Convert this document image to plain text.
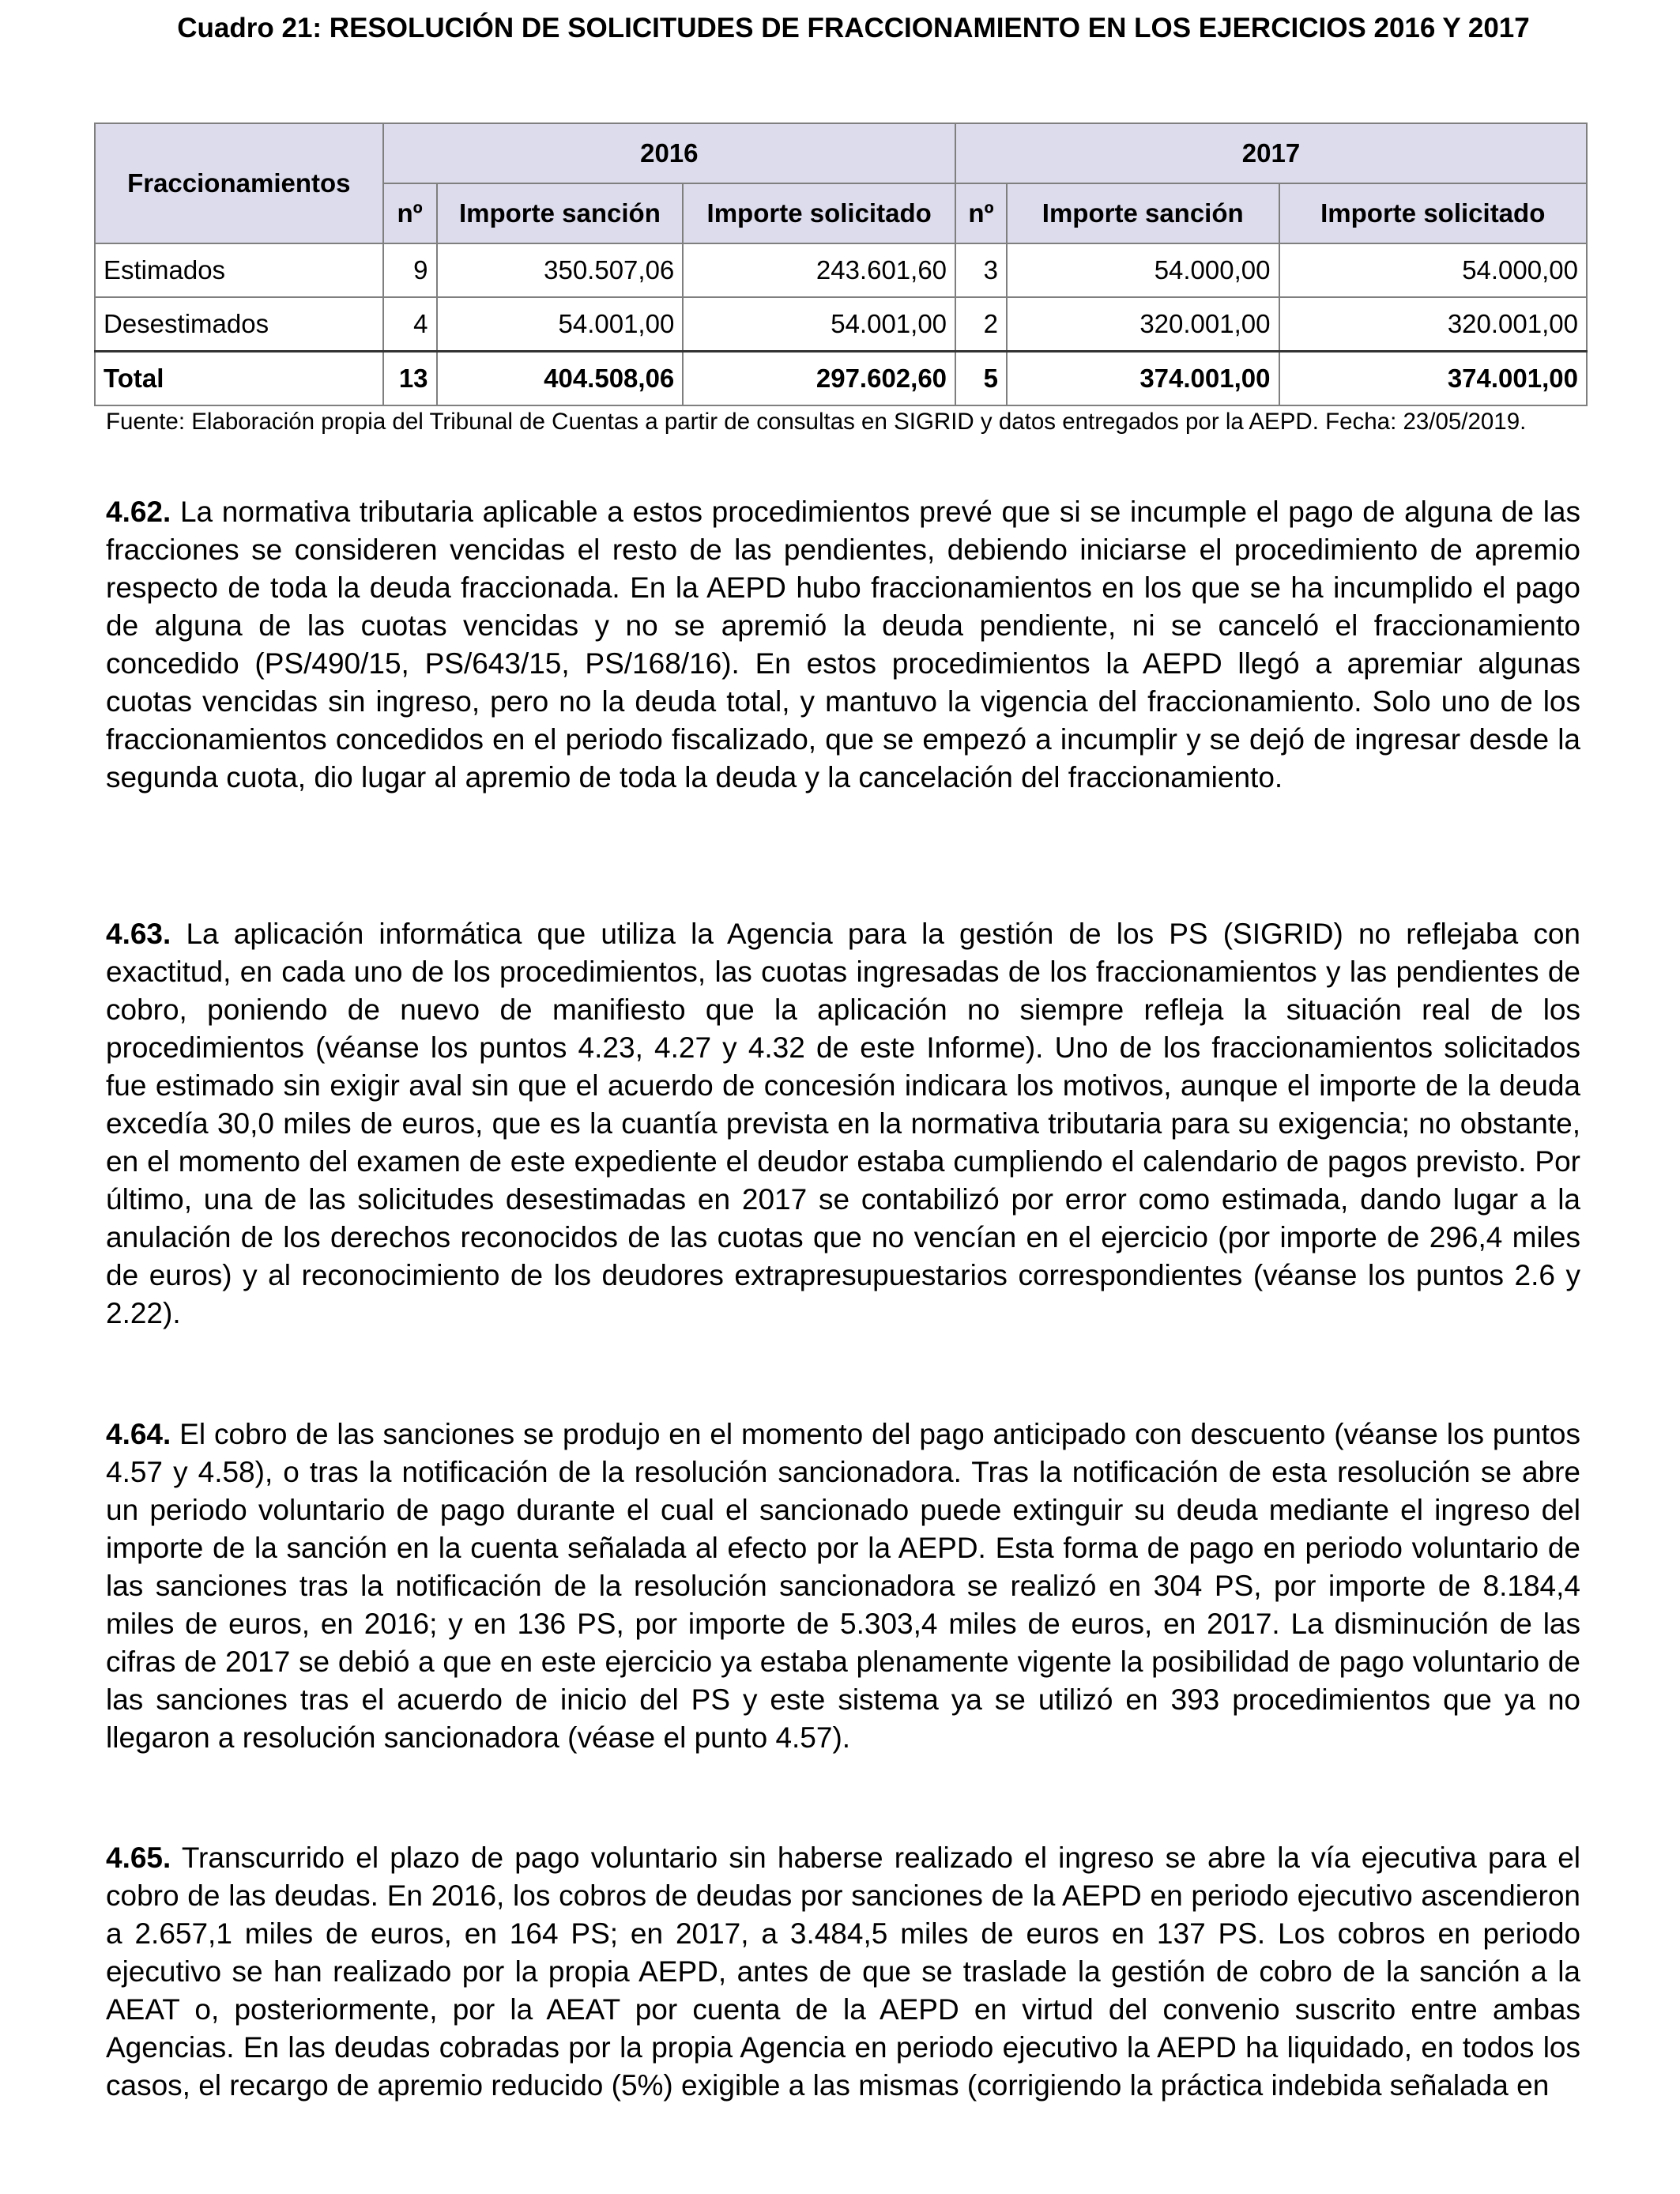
Cuadro 21: RESOLUCIÓN DE SOLICITUDES DE FRACCIONAMIENTO EN LOS EJERCICIOS 2016 Y 2017
Fraccionamientos	2016			2017		
	nº	Importe sanción	Importe solicitado	nº	Importe sanción	Importe solicitado
Estimados	9	350.507,06	243.601,60	3	54.000,00	54.000,00
Desestimados	4	54.001,00	54.001,00	2	320.001,00	320.001,00
Total	13	404.508,06	297.602,60	5	374.001,00	374.001,00
Fuente: Elaboración propia del Tribunal de Cuentas a partir de consultas en SIGRID y datos entregados por la AEPD. Fecha: 23/05/2019.
4.62. La normativa tributaria aplicable a estos procedimientos prevé que si se incumple el pago de alguna de las fracciones se consideren vencidas el resto de las pendientes, debiendo iniciarse el procedimiento de apremio respecto de toda la deuda fraccionada. En la AEPD hubo fraccionamientos en los que se ha incumplido el pago de alguna de las cuotas vencidas y no se apremió la deuda pendiente, ni se canceló el fraccionamiento concedido (PS/490/15, PS/643/15, PS/168/16). En estos procedimientos la AEPD llegó a apremiar algunas cuotas vencidas sin ingreso, pero no la deuda total, y mantuvo la vigencia del fraccionamiento. Solo uno de los fraccionamientos concedidos en el periodo fiscalizado, que se empezó a incumplir y se dejó de ingresar desde la segunda cuota, dio lugar al apremio de toda la deuda y la cancelación del fraccionamiento.
4.63. La aplicación informática que utiliza la Agencia para la gestión de los PS (SIGRID) no reflejaba con exactitud, en cada uno de los procedimientos, las cuotas ingresadas de los fraccionamientos y las pendientes de cobro, poniendo de nuevo de manifiesto que la aplicación no siempre refleja la situación real de los procedimientos (véanse los puntos 4.23, 4.27 y 4.32 de este Informe). Uno de los fraccionamientos solicitados fue estimado sin exigir aval sin que el acuerdo de concesión indicara los motivos, aunque el importe de la deuda excedía 30,0 miles de euros, que es la cuantía prevista en la normativa tributaria para su exigencia; no obstante, en el momento del examen de este expediente el deudor estaba cumpliendo el calendario de pagos previsto. Por último, una de las solicitudes desestimadas en 2017 se contabilizó por error como estimada, dando lugar a la anulación de los derechos reconocidos de las cuotas que no vencían en el ejercicio (por importe de 296,4 miles de euros) y al reconocimiento de los deudores extrapresupuestarios correspondientes (véanse los puntos 2.6 y 2.22).
4.64. El cobro de las sanciones se produjo en el momento del pago anticipado con descuento (véanse los puntos 4.57 y 4.58), o tras la notificación de la resolución sancionadora. Tras la notificación de esta resolución se abre un periodo voluntario de pago durante el cual el sancionado puede extinguir su deuda mediante el ingreso del importe de la sanción en la cuenta señalada al efecto por la AEPD. Esta forma de pago en periodo voluntario de las sanciones tras la notificación de la resolución sancionadora se realizó en 304 PS, por importe de 8.184,4 miles de euros, en 2016; y en 136 PS, por importe de 5.303,4 miles de euros, en 2017. La disminución de las cifras de 2017 se debió a que en este ejercicio ya estaba plenamente vigente la posibilidad de pago voluntario de las sanciones tras el acuerdo de inicio del PS y este sistema ya se utilizó en 393 procedimientos que ya no llegaron a resolución sancionadora (véase el punto 4.57).
4.65. Transcurrido el plazo de pago voluntario sin haberse realizado el ingreso se abre la vía ejecutiva para el cobro de las deudas. En 2016, los cobros de deudas por sanciones de la AEPD en periodo ejecutivo ascendieron a 2.657,1 miles de euros, en 164 PS; en 2017, a 3.484,5 miles de euros en 137 PS. Los cobros en periodo ejecutivo se han realizado por la propia AEPD, antes de que se traslade la gestión de cobro de la sanción a la AEAT o, posteriormente, por la AEAT por cuenta de la AEPD en virtud del convenio suscrito entre ambas Agencias. En las deudas cobradas por la propia Agencia en periodo ejecutivo la AEPD ha liquidado, en todos los casos, el recargo de apremio reducido (5%) exigible a las mismas (corrigiendo la práctica indebida señalada en
